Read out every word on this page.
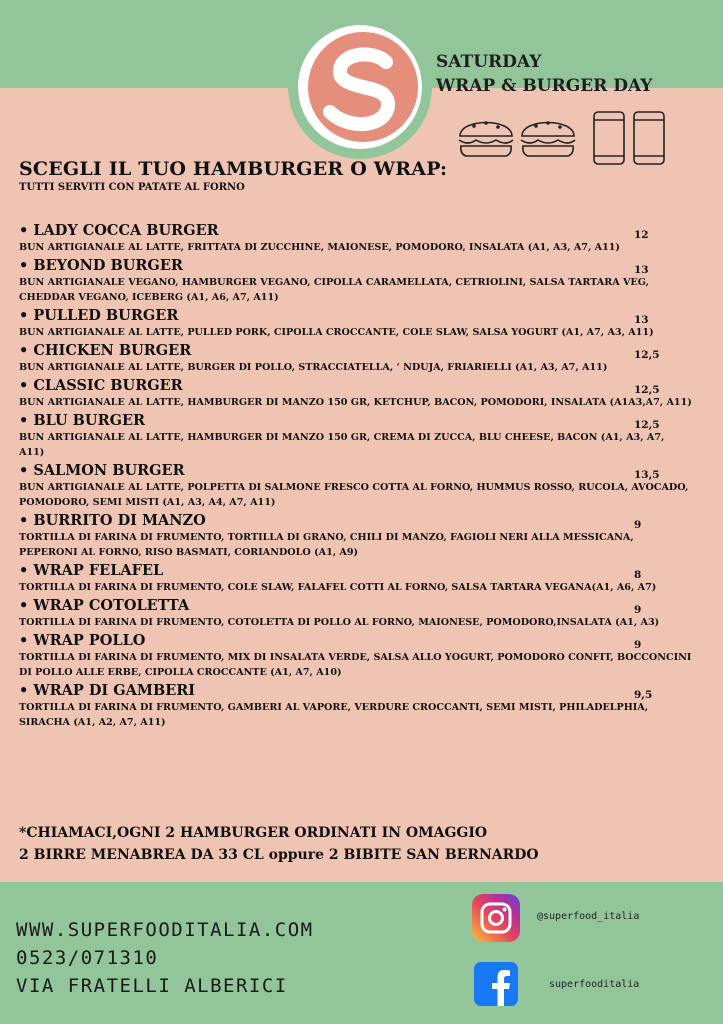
SATURDAY
WRAP & BURGER DAY
SCEGLI IL TUO HAMBURGER O WRAP:
TUTTI SERVITI CON PATATE AL FORNO
• LADY COCCA BURGER	12
BUN ARTIGIANALE AL LATTE, FRITTATA DI ZUCCHINE, MAIONESE, POMODORO, INSALATA (A1, A3, A7, A11)
• BEYOND BURGER	13
BUN ARTIGIANALE VEGANO, HAMBURGER VEGANO, CIPOLLA CARAMELLATA, CETRIOLINI, SALSA TARTARA VEG, CHEDDAR VEGANO, ICEBERG (A1, A6, A7, A11)
• PULLED BURGER	13
BUN ARTIGIANALE AL LATTE, PULLED PORK, CIPOLLA CROCCANTE, COLE SLAW, SALSA YOGURT (A1, A7, A3, A11)
• CHICKEN BURGER	12,5
BUN ARTIGIANALE AL LATTE, BURGER DI POLLO, STRACCIATELLA, ‘ NDUJA, FRIARIELLI (A1, A3, A7, A11)
• CLASSIC BURGER	12,5
BUN ARTIGIANALE AL LATTE, HAMBURGER DI MANZO 150 GR, KETCHUP, BACON, POMODORI, INSALATA (A1A3,A7, A11)
• BLU BURGER	12,5
BUN ARTIGIANALE AL LATTE, HAMBURGER DI MANZO 150 GR, CREMA DI ZUCCA, BLU CHEESE, BACON (A1, A3, A7, A11)
• SALMON BURGER	13,5
BUN ARTIGIANALE AL LATTE, POLPETTA DI SALMONE FRESCO COTTA AL FORNO, HUMMUS ROSSO, RUCOLA, AVOCADO, POMODORO, SEMI MISTI (A1, A3, A4, A7, A11)
• BURRITO DI MANZO	9
TORTILLA DI FARINA DI FRUMENTO, TORTILLA DI GRANO, CHILI DI MANZO, FAGIOLI NERI ALLA MESSICANA, PEPERONI AL FORNO, RISO BASMATI, CORIANDOLO (A1, A9)
• WRAP FELAFEL	8
TORTILLA DI FARINA DI FRUMENTO, COLE SLAW, FALAFEL COTTI AL FORNO, SALSA TARTARA VEGANA(A1, A6, A7)
• WRAP COTOLETTA	9
TORTILLA DI FARINA DI FRUMENTO, COTOLETTA DI POLLO AL FORNO, MAIONESE, POMODORO,INSALATA (A1, A3)
• WRAP POLLO	9
TORTILLA DI FARINA DI FRUMENTO, MIX DI INSALATA VERDE, SALSA ALLO YOGURT, POMODORO CONFIT, BOCCONCINI DI POLLO ALLE ERBE, CIPOLLA CROCCANTE (A1, A7, A10)
• WRAP DI GAMBERI	9,5
TORTILLA DI FARINA DI FRUMENTO, GAMBERI AL VAPORE, VERDURE CROCCANTI, SEMI MISTI, PHILADELPHIA, SIRACHA (A1, A2, A7, A11)
*CHIAMACI,OGNI 2 HAMBURGER ORDINATI IN OMAGGIO
2 BIRRE MENABREA DA 33 CL oppure 2 BIBITE SAN BERNARDO
WWW.SUPERFOODITALIA.COM
0523/071310
VIA FRATELLI ALBERICI
@superfood_italia
superfooditalia
